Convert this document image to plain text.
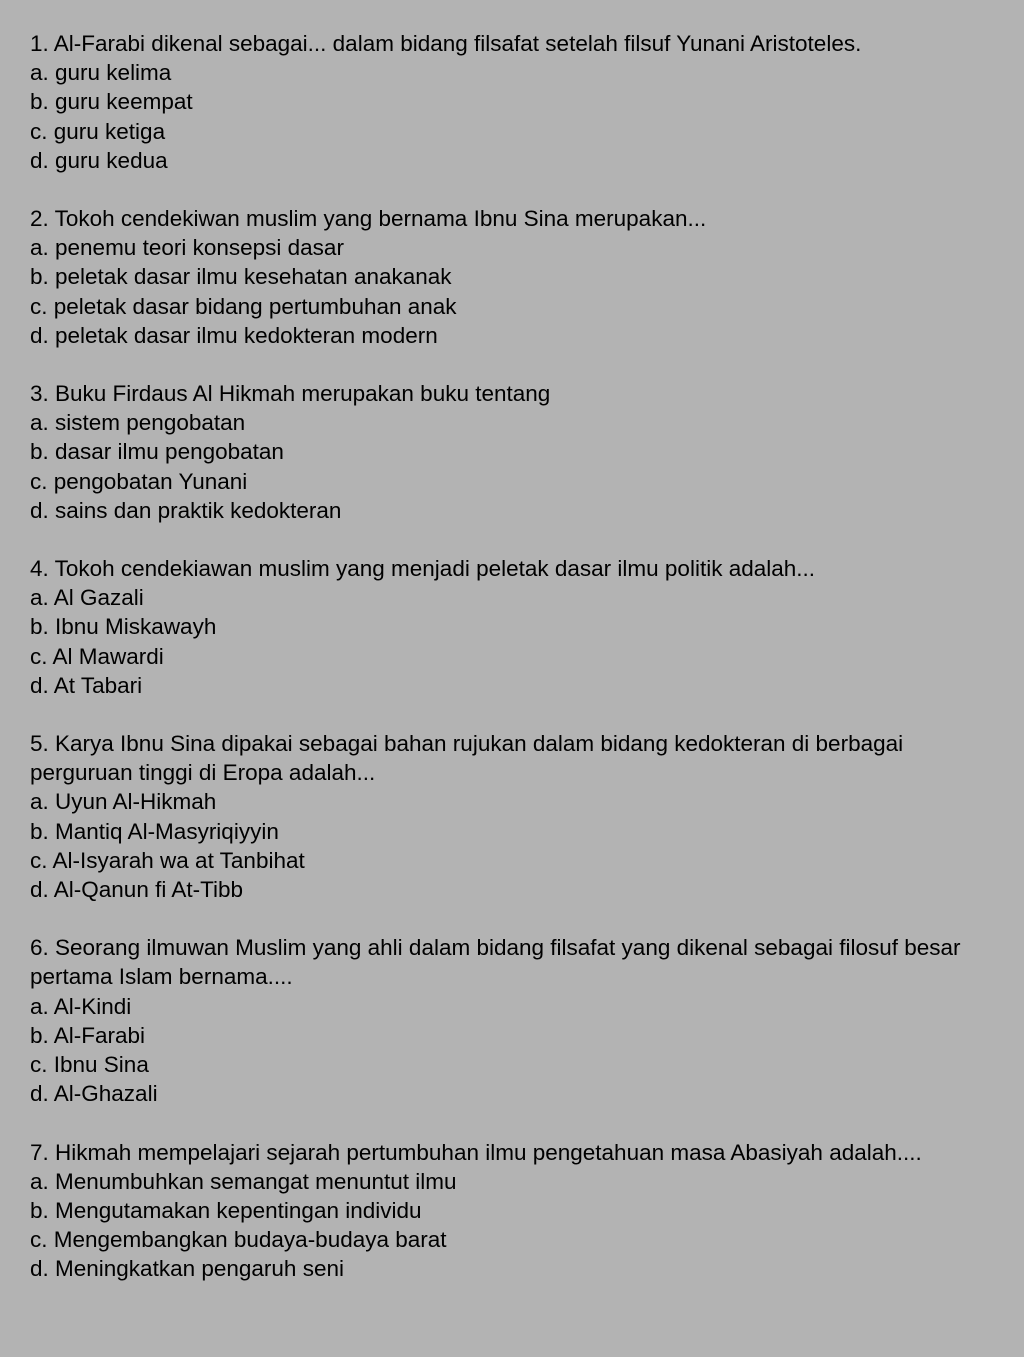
1. Al-Farabi dikenal sebagai... dalam bidang filsafat setelah filsuf Yunani Aristoteles.

a. guru kelima

b. guru keempat

c. guru ketiga

d. guru kedua

2. Tokoh cendekiwan muslim yang bernama Ibnu Sina merupakan...

a. penemu teori konsepsi dasar

b. peletak dasar ilmu kesehatan anakanak

c. peletak dasar bidang pertumbuhan anak

d. peletak dasar ilmu kedokteran modern

3. Buku Firdaus Al Hikmah merupakan buku tentang

a. sistem pengobatan

b. dasar ilmu pengobatan

c. pengobatan Yunani

d. sains dan praktik kedokteran

4. Tokoh cendekiawan muslim yang menjadi peletak dasar ilmu politik adalah...

a. Al Gazali

b. Ibnu Miskawayh

c. Al Mawardi

d. At Tabari

5. Karya Ibnu Sina dipakai sebagai bahan rujukan dalam bidang kedokteran di berbagai perguruan tinggi di Eropa adalah...

a. Uyun Al-Hikmah

b. Mantiq Al-Masyriqiyyin

c. Al-Isyarah wa at Tanbihat

d. Al-Qanun fi At-Tibb

6. Seorang ilmuwan Muslim yang ahli dalam bidang filsafat yang dikenal sebagai filosuf besar pertama Islam bernama....

a. Al-Kindi

b. Al-Farabi

c. Ibnu Sina

d. Al-Ghazali

7. Hikmah mempelajari sejarah pertumbuhan ilmu pengetahuan masa Abasiyah adalah....

a. Menumbuhkan semangat menuntut ilmu

b. Mengutamakan kepentingan individu

c. Mengembangkan budaya-budaya barat

d. Meningkatkan pengaruh seni
